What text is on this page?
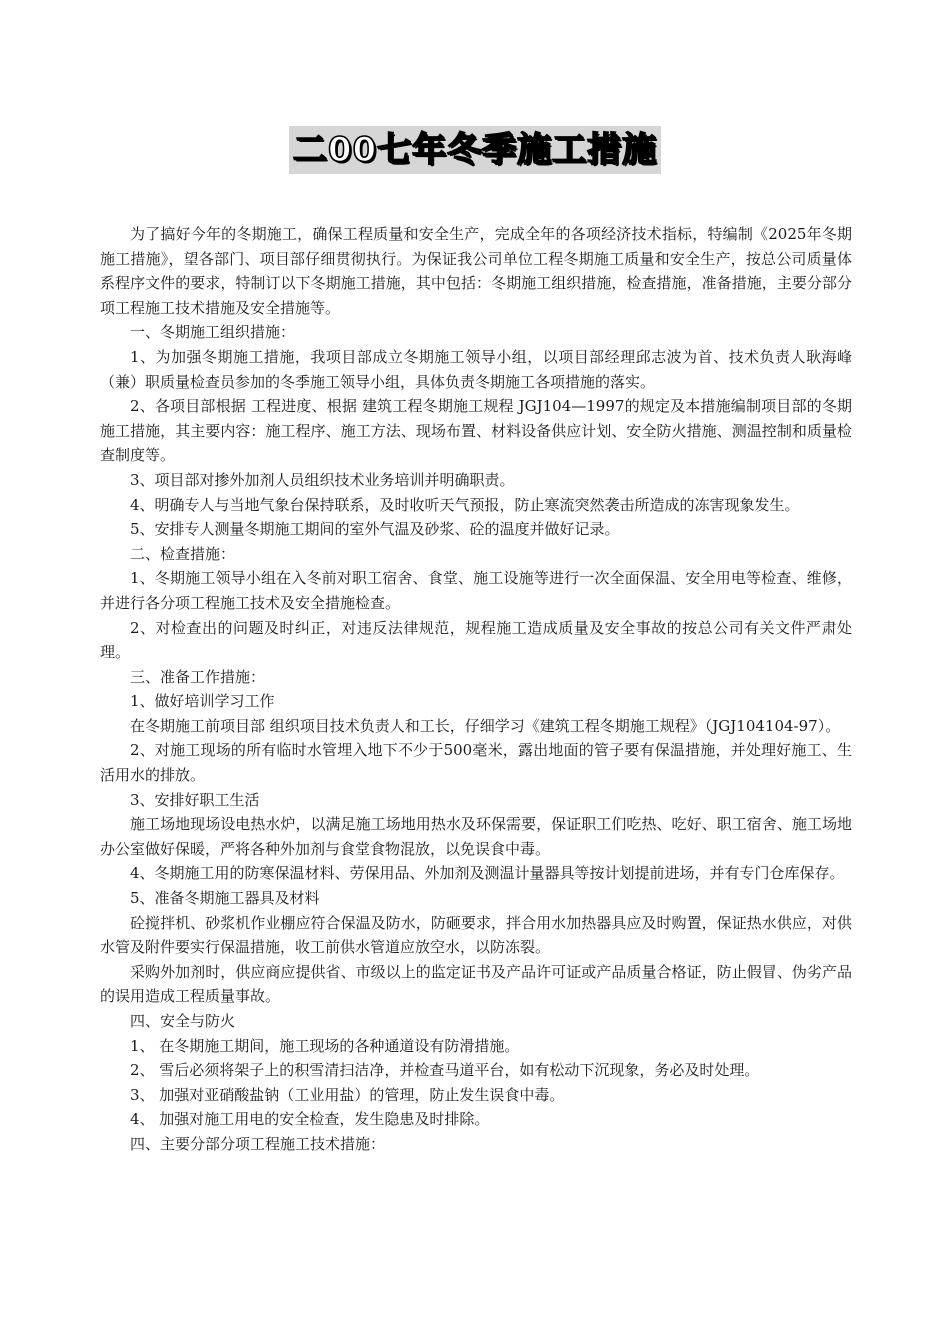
二00七年冬季施工措施

为了搞好今年的冬期施工，确保工程质量和安全生产，完成全年的各项经济技术指标，特编制《2025年冬期施工措施》，望各部门、项目部仔细贯彻执行。为保证我公司单位工程冬期施工质量和安全生产，按总公司质量体系程序文件的要求，特制订以下冬期施工措施，其中包括：冬期施工组织措施，检查措施，准备措施，主要分部分项工程施工技术措施及安全措施等。

一、冬期施工组织措施：

1、为加强冬期施工措施，我项目部成立冬期施工领导小组，以项目部经理邱志波为首、技术负责人耿海峰（兼）职质量检查员参加的冬季施工领导小组，具体负责冬期施工各项措施的落实。

2、各项目部根据 工程进度、根据 建筑工程冬期施工规程 JGJ104—1997的规定及本措施编制项目部的冬期施工措施，其主要内容：施工程序、施工方法、现场布置、材料设备供应计划、安全防火措施、测温控制和质量检查制度等。

3、项目部对掺外加剂人员组织技术业务培训并明确职责。

4、明确专人与当地气象台保持联系，及时收听天气预报，防止寒流突然袭击所造成的冻害现象发生。

5、安排专人测量冬期施工期间的室外气温及砂浆、砼的温度并做好记录。

二、检查措施：

1、冬期施工领导小组在入冬前对职工宿舍、食堂、施工设施等进行一次全面保温、安全用电等检查、维修，并进行各分项工程施工技术及安全措施检查。

2、对检查出的问题及时纠正，对违反法律规范，规程施工造成质量及安全事故的按总公司有关文件严肃处理。

三、准备工作措施：

1、做好培训学习工作

在冬期施工前项目部 组织项目技术负责人和工长，仔细学习《建筑工程冬期施工规程》（JGJ104104-97）。

2、对施工现场的所有临时水管埋入地下不少于500毫米，露出地面的管子要有保温措施，并处理好施工、生活用水的排放。

3、安排好职工生活

施工场地现场设电热水炉，以满足施工场地用热水及环保需要，保证职工们吃热、吃好、职工宿舍、施工场地办公室做好保暖，严将各种外加剂与食堂食物混放，以免误食中毒。

4、冬期施工用的防寒保温材料、劳保用品、外加剂及测温计量器具等按计划提前进场，并有专门仓库保存。

5、准备冬期施工器具及材料

砼搅拌机、砂浆机作业棚应符合保温及防水，防砸要求，拌合用水加热器具应及时购置，保证热水供应，对供水管及附件要实行保温措施，收工前供水管道应放空水，以防冻裂。

采购外加剂时，供应商应提供省、市级以上的监定证书及产品许可证或产品质量合格证，防止假冒、伪劣产品的误用造成工程质量事故。

四、安全与防火

1、 在冬期施工期间，施工现场的各种通道设有防滑措施。

2、 雪后必须将架子上的积雪清扫洁净，并检查马道平台，如有松动下沉现象，务必及时处理。

3、 加强对亚硝酸盐钠（工业用盐）的管理，防止发生误食中毒。

4、 加强对施工用电的安全检查，发生隐患及时排除。

四、主要分部分项工程施工技术措施：
